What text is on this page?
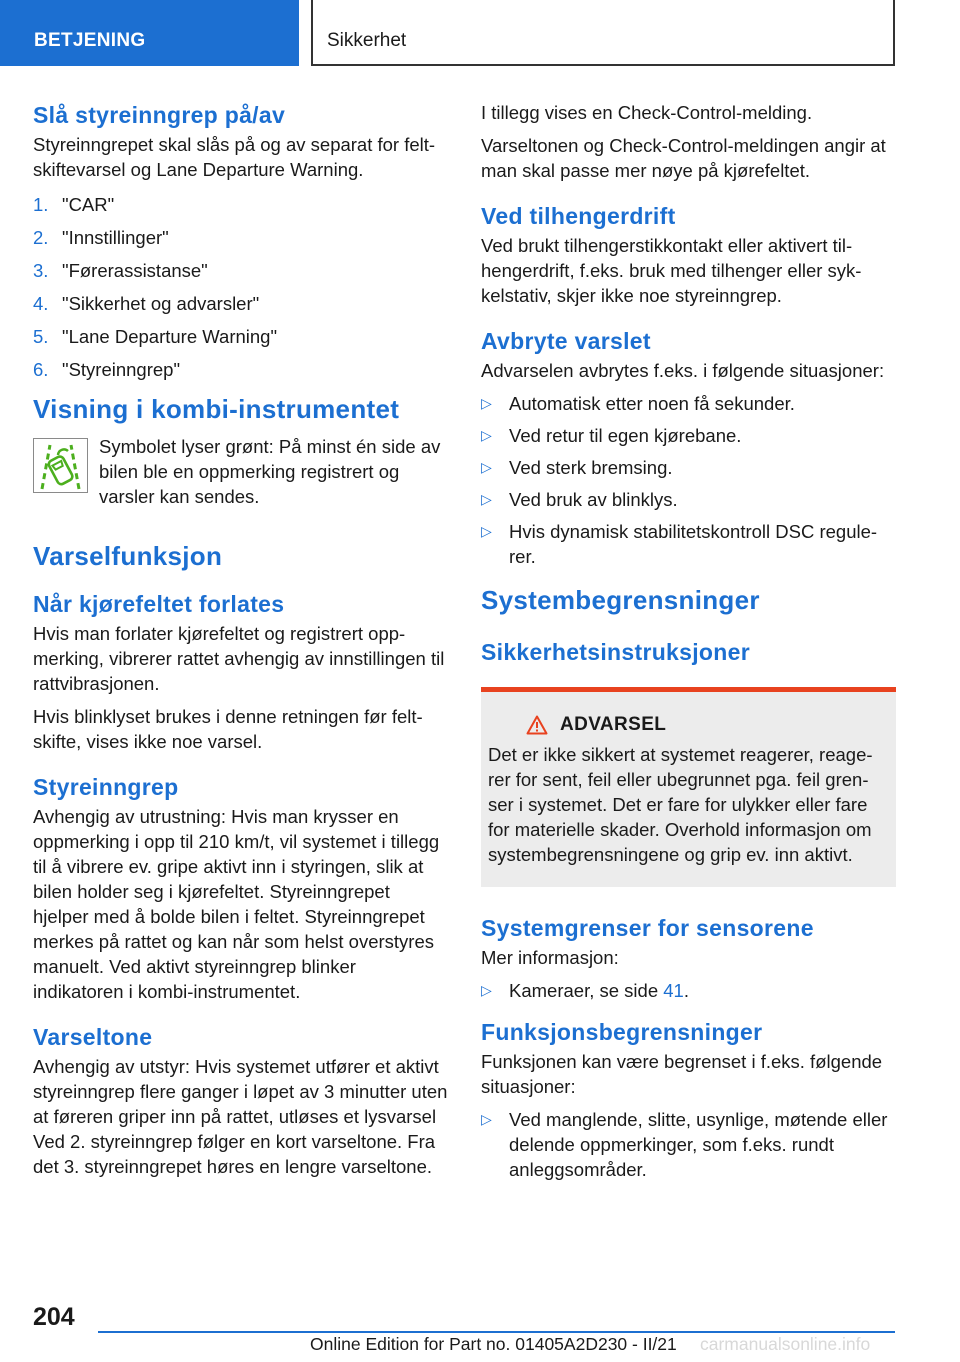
BETJENING	Sikkerhet
Slå styreinngrep på/av

Styreinngrepet skal slås på og av separat for feltskiftevarsel og Lane Departure Warning.

1. "CAR"
2. "Innstillinger"
3. "Førerassistanse"
4. "Sikkerhet og advarsler"
5. "Lane Departure Warning"
6. "Styreinngrep"
Visning i kombi-instrumentet
Symbolet lyser grønt: På minst én side av bilen ble en oppmerking registrert og varsler kan sendes.
Varselfunksjon
Når kjørefeltet forlates

Hvis man forlater kjørefeltet og registrert oppmerking, vibrerer rattet avhengig av innstillingen til rattvibrasjonen.

Hvis blinklyset brukes i denne retningen før feltskifte, vises ikke noe varsel.

Styreinngrep

Avhengig av utrustning: Hvis man krysser en oppmerking i opp til 210 km/t, vil systemet i tillegg til å vibrere ev. gripe aktivt inn i styringen, slik at bilen holder seg i kjørefeltet. Styreinngrepet hjelper med å bolde bilen i feltet. Styreinngrepet merkes på rattet og kan når som helst overstyres manuelt. Ved aktivt styreinngrep blinker indikatoren i kombi-instrumentet.

Varseltone

Avhengig av utstyr: Hvis systemet utfører et aktivt styreinngrep flere ganger i løpet av 3 minutter uten at føreren griper inn på rattet, utløses et lysvarsel Ved 2. styreinngrep følger en kort varseltone. Fra det 3. styreinngrepet høres en lengre varseltone.

I tillegg vises en Check-Control-melding.

Varseltonen og Check-Control-meldingen angir at man skal passe mer nøye på kjørefeltet.

Ved tilhengerdrift

Ved brukt tilhengerstikkontakt eller aktivert tilhengerdrift, f.eks. bruk med tilhenger eller sykkelstativ, skjer ikke noe styreinngrep.

Avbryte varslet

Advarselen avbrytes f.eks. i følgende situasjoner:

▷ Automatisk etter noen få sekunder.
▷ Ved retur til egen kjørebane.
▷ Ved sterk bremsing.
▷ Ved bruk av blinklys.
▷ Hvis dynamisk stabilitetskontroll DSC regulerer.
Systembegrensninger
Sikkerhetsinstruksjoner
ADVARSEL

Det er ikke sikkert at systemet reagerer, reagerer for sent, feil eller ubegrunnet pga. feil grenser i systemet. Det er fare for ulykker eller fare for materielle skader. Overhold informasjon om systembegrensningene og grip ev. inn aktivt.

Systemgrenser for sensorene

Mer informasjon:

▷ Kameraer, se side 41.
Funksjonsbegrensninger

Funksjonen kan være begrenset i f.eks. følgende situasjoner:

▷ Ved manglende, slitte, usynlige, møtende eller delende oppmerkinger, som f.eks. rundt anleggsområder.
204
Online Edition for Part no. 01405A2D230 - II/21 carmanualsonline.info
